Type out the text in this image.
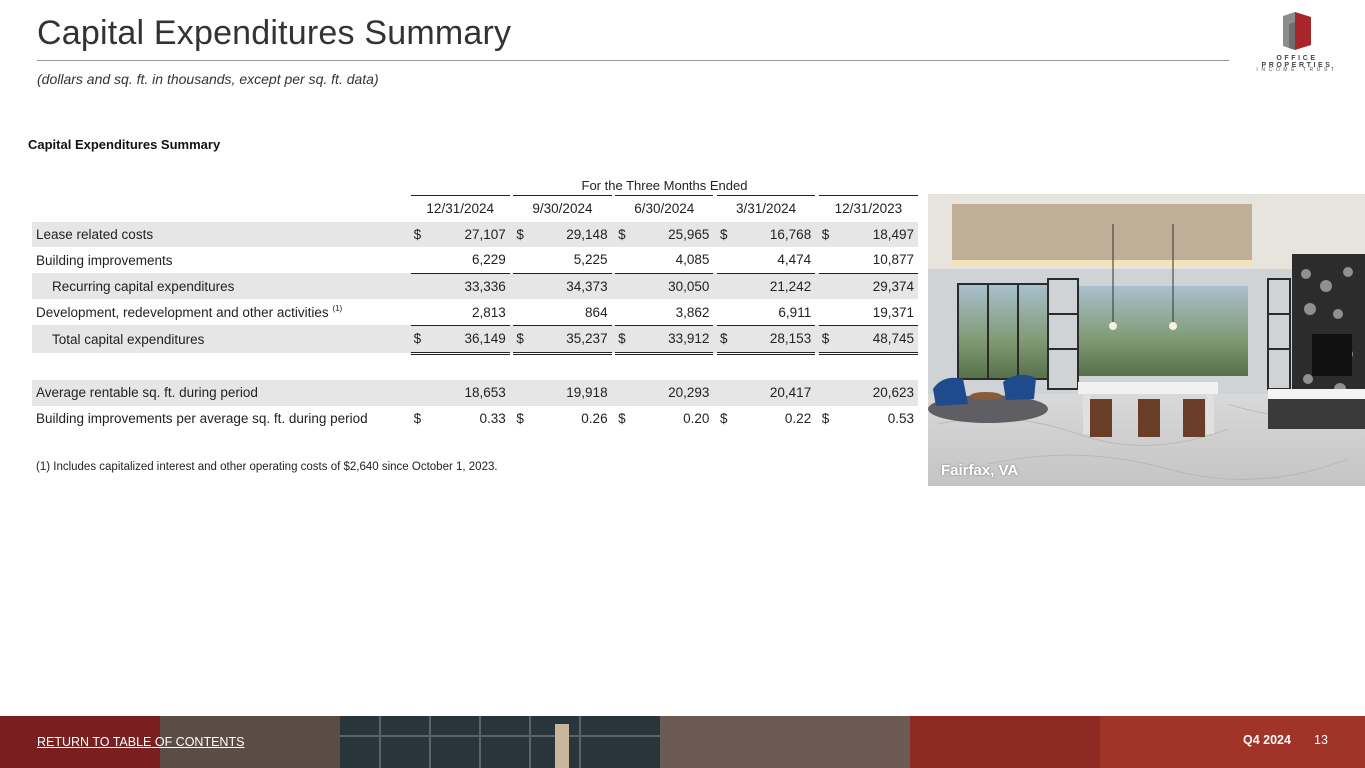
Capital Expenditures Summary
(dollars and sq. ft. in thousands, except per sq. ft. data)
OFFICE PROPERTIES
INCOME TRUST
Capital Expenditures Summary
For the Three Months Ended
		12/31/2024			9/30/2024			6/30/2024			3/31/2024			12/31/2023	
Lease related costs		$	27,107		$	29,148		$	25,965		$	16,768		$	18,497
Building improvements			6,229			5,225			4,085			4,474			10,877
Recurring capital expenditures			33,336			34,373			30,050			21,242			29,374
Development, redevelopment and other activities $^{(1)}$			2,813			864			3,862			6,911			19,371
Total capital expenditures		$	36,149		$	35,237		$	33,912		$	28,153		$	48,745

Average rentable sq. ft. during period			18,653			19,918			20,293			20,417			20,623
Building improvements per average sq. ft. during period		$	0.33		$	0.26		$	0.20		$	0.22		$	0.53
(1) Includes capitalized interest and other operating costs of $2,640 since October 1, 2023.	Fairfax, VA
RETURN TO TABLE OF CONTENTS	Q4 2024 13
